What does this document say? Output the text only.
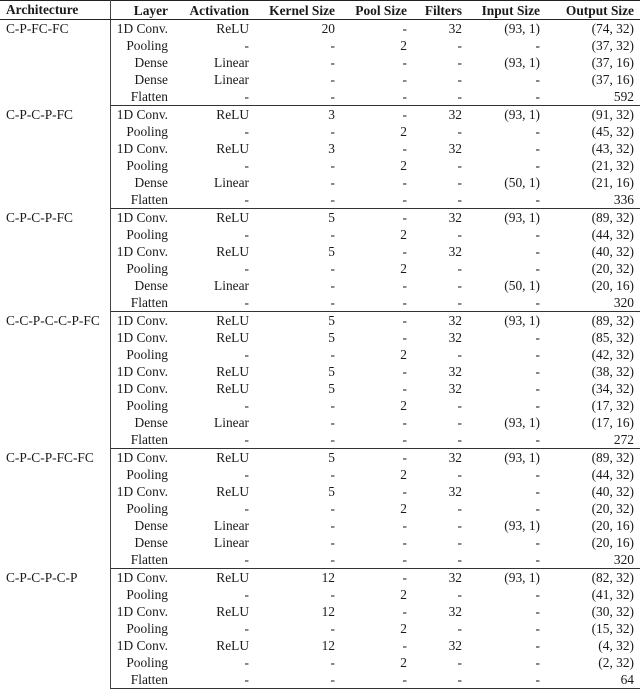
Architecture	Layer	Activation	Kernel Size	Pool Size	Filters	Input Size	Output Size
C-P-FC-FC	1D Conv.	ReLU	20	-	32	(93, 1)	(74, 32)
	Pooling	-	-	2	-	-	(37, 32)
	Dense	Linear	-	-	-	(93, 1)	(37, 16)
	Dense	Linear	-	-	-	-	(37, 16)
	Flatten	-	-	-	-	-	592
C-P-C-P-FC	1D Conv.	ReLU	3	-	32	(93, 1)	(91, 32)
	Pooling	-	-	2	-	-	(45, 32)
	1D Conv.	ReLU	3	-	32	-	(43, 32)
	Pooling	-	-	2	-	-	(21, 32)
	Dense	Linear	-	-	-	(50, 1)	(21, 16)
	Flatten	-	-	-	-	-	336
C-P-C-P-FC	1D Conv.	ReLU	5	-	32	(93, 1)	(89, 32)
	Pooling	-	-	2	-	-	(44, 32)
	1D Conv.	ReLU	5	-	32	-	(40, 32)
	Pooling	-	-	2	-	-	(20, 32)
	Dense	Linear	-	-	-	(50, 1)	(20, 16)
	Flatten	-	-	-	-	-	320
C-C-P-C-C-P-FC	1D Conv.	ReLU	5	-	32	(93, 1)	(89, 32)
	1D Conv.	ReLU	5	-	32	-	(85, 32)
	Pooling	-	-	2	-	-	(42, 32)
	1D Conv.	ReLU	5	-	32	-	(38, 32)
	1D Conv.	ReLU	5	-	32	-	(34, 32)
	Pooling	-	-	2	-	-	(17, 32)
	Dense	Linear	-	-	-	(93, 1)	(17, 16)
	Flatten	-	-	-	-	-	272
C-P-C-P-FC-FC	1D Conv.	ReLU	5	-	32	(93, 1)	(89, 32)
	Pooling	-	-	2	-	-	(44, 32)
	1D Conv.	ReLU	5	-	32	-	(40, 32)
	Pooling	-	-	2	-	-	(20, 32)
	Dense	Linear	-	-	-	(93, 1)	(20, 16)
	Dense	Linear	-	-	-	-	(20, 16)
	Flatten	-	-	-	-	-	320
C-P-C-P-C-P	1D Conv.	ReLU	12	-	32	(93, 1)	(82, 32)
	Pooling	-	-	2	-	-	(41, 32)
	1D Conv.	ReLU	12	-	32	-	(30, 32)
	Pooling	-	-	2	-	-	(15, 32)
	1D Conv.	ReLU	12	-	32	-	(4, 32)
	Pooling	-	-	2	-	-	(2, 32)
	Flatten	-	-	-	-	-	64
